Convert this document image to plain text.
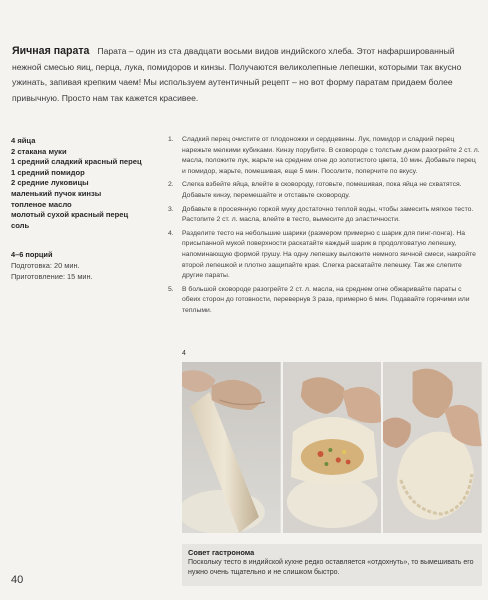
Яичная парата Парата – один из ста двадцати восьми видов индийского хлеба. Этот нафаршированный нежной смесью яиц, перца, лука, помидоров и кинзы. Получаются великолепные лепешки, которыми так вкусно ужинать, запивая крепким чаем! Мы используем аутентичный рецепт – но вот форму паратам придаем более привычную. Просто нам так кажется красивее.
4 яйца
2 стакана муки
1 средний сладкий красный перец
1 средний помидор
2 средние луковицы
маленький пучок кинзы
топленое масло
молотый сухой красный перец
соль
4–6 порций
Подготовка: 20 мин.
Приготовление: 15 мин.
1.	Сладкий перец очистите от плодоножки и сердцевины. Лук, помидор и сладкий перец нарежьте мелкими кубиками. Кинзу порубите. В сковороде с толстым дном разогрейте 2 ст. л. масла, положите лук, жарьте на среднем огне до золотистого цвета, 10 мин. Добавьте перец и помидор, жарьте, помешивая, еще 5 мин. Посолите, поперчите по вкусу.
2.	Слегка взбейте яйца, влейте в сковороду, готовьте, помешивая, пока яйца не схватятся. Добавьте кинзу, перемешайте и отставьте сковороду.
3.	Добавьте в просеянную горкой муку достаточно теплой воды, чтобы замесить мягкое тесто. Растопите 2 ст. л. масла, влейте в тесто, вымесите до эластичности.
4.	Разделите тесто на небольшие шарики (размером примерно с шарик для пинг-понга). На присыпанной мукой поверхности раскатайте каждый шарик в продолговатую лепешку, напоминающую формой грушу. На одну лепешку выложите немного яичной смеси, накройте второй лепешкой и плотно защипайте края. Слегка раскатайте лепешку. Так же слепите другие параты.
5.	В большой сковороде разогрейте 2 ст. л. масла, на среднем огне обжаривайте параты с обеих сторон до готовности, перевернув 3 раза, примерно 6 мин. Подавайте горячими или теплыми.
4
Совет гастронома
Поскольку тесто в индийской кухне редко оставляется «отдохнуть», то вымешивать его нужно очень тщательно и не слишком быстро.
40
